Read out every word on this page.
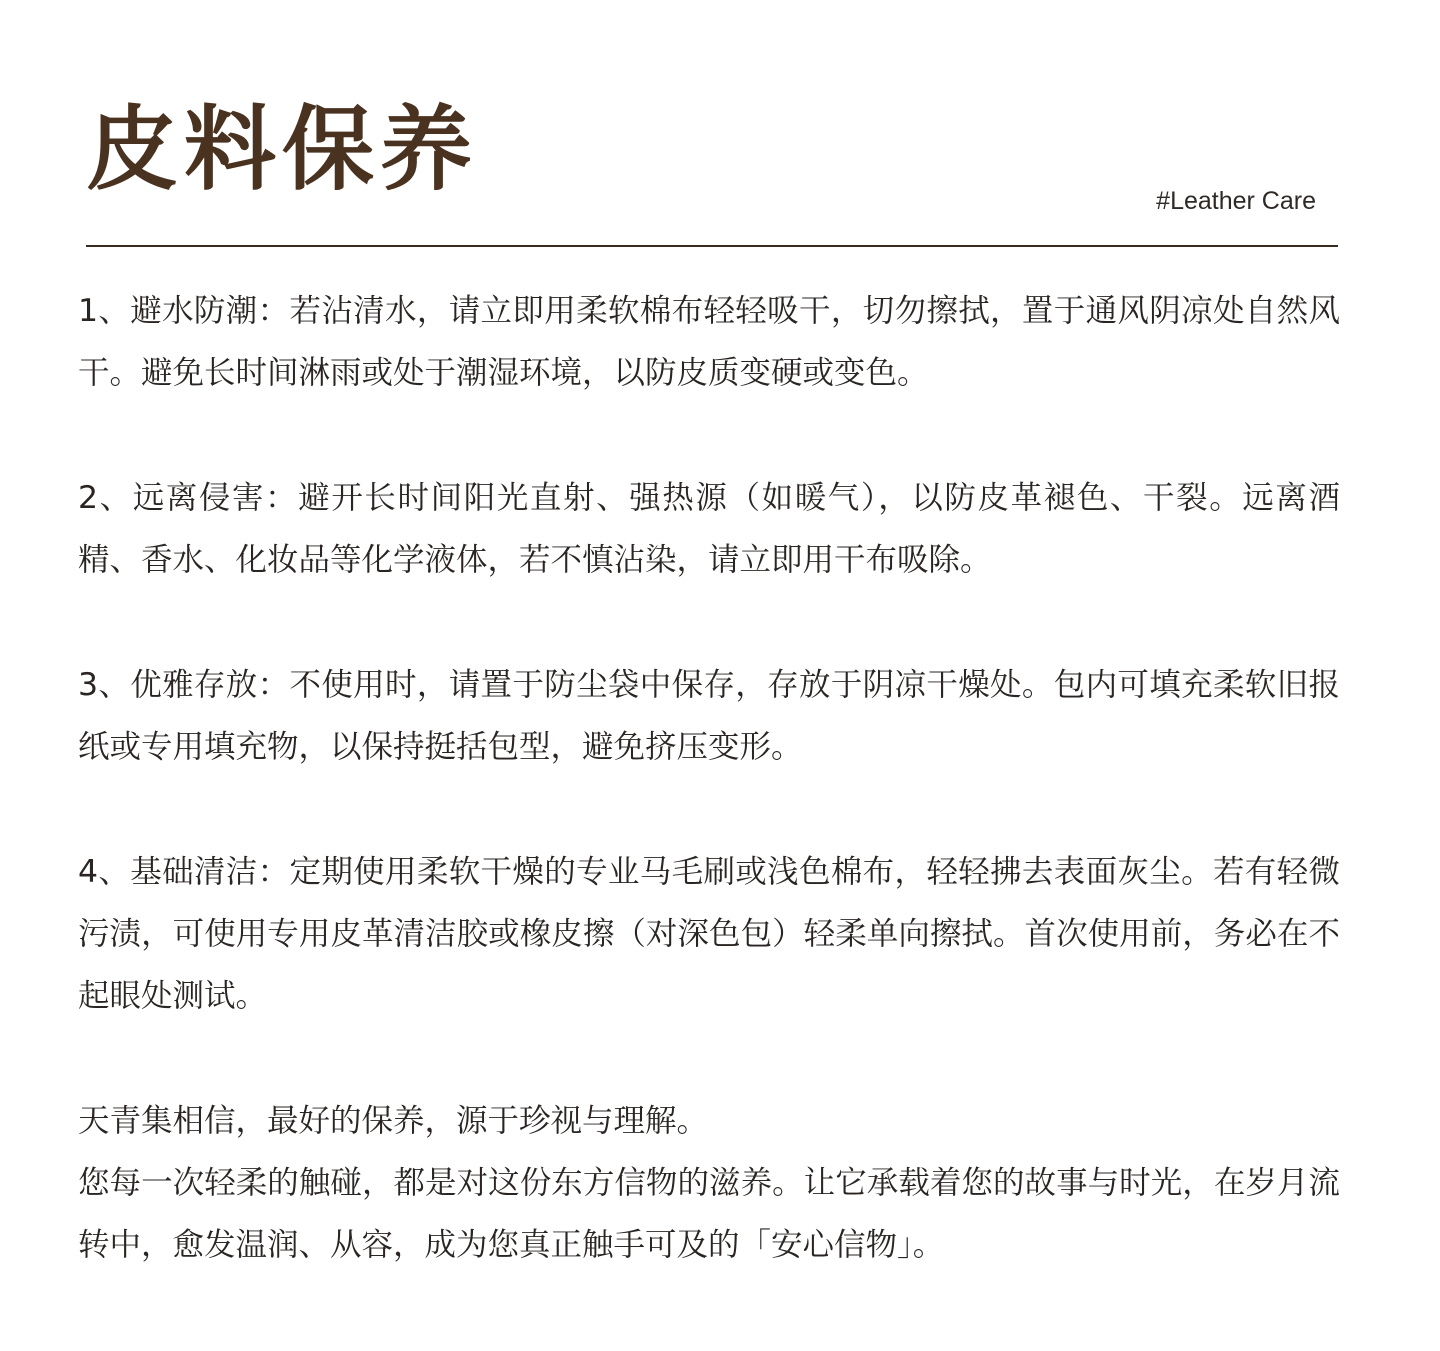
皮料保养	#Leather Care

1、避水防潮：若沾清水，请立即用柔软棉布轻轻吸干，切勿擦拭，置于通风阴凉处自然风干。避免长时间淋雨或处于潮湿环境，以防皮质变硬或变色。

2、远离侵害：避开长时间阳光直射、强热源（如暖气），以防皮革褪色、干裂。远离酒精、香水、化妆品等化学液体，若不慎沾染，请立即用干布吸除。

3、优雅存放：不使用时，请置于防尘袋中保存，存放于阴凉干燥处。包内可填充柔软旧报纸或专用填充物，以保持挺括包型，避免挤压变形。

4、基础清洁：定期使用柔软干燥的专业马毛刷或浅色棉布，轻轻拂去表面灰尘。若有轻微污渍，可使用专用皮革清洁胶或橡皮擦（对深色包）轻柔单向擦拭。首次使用前，务必在不起眼处测试。

天青集相信，最好的保养，源于珍视与理解。

您每一次轻柔的触碰，都是对这份东方信物的滋养。让它承载着您的故事与时光，在岁月流转中，愈发温润、从容，成为您真正触手可及的「安心信物」。
